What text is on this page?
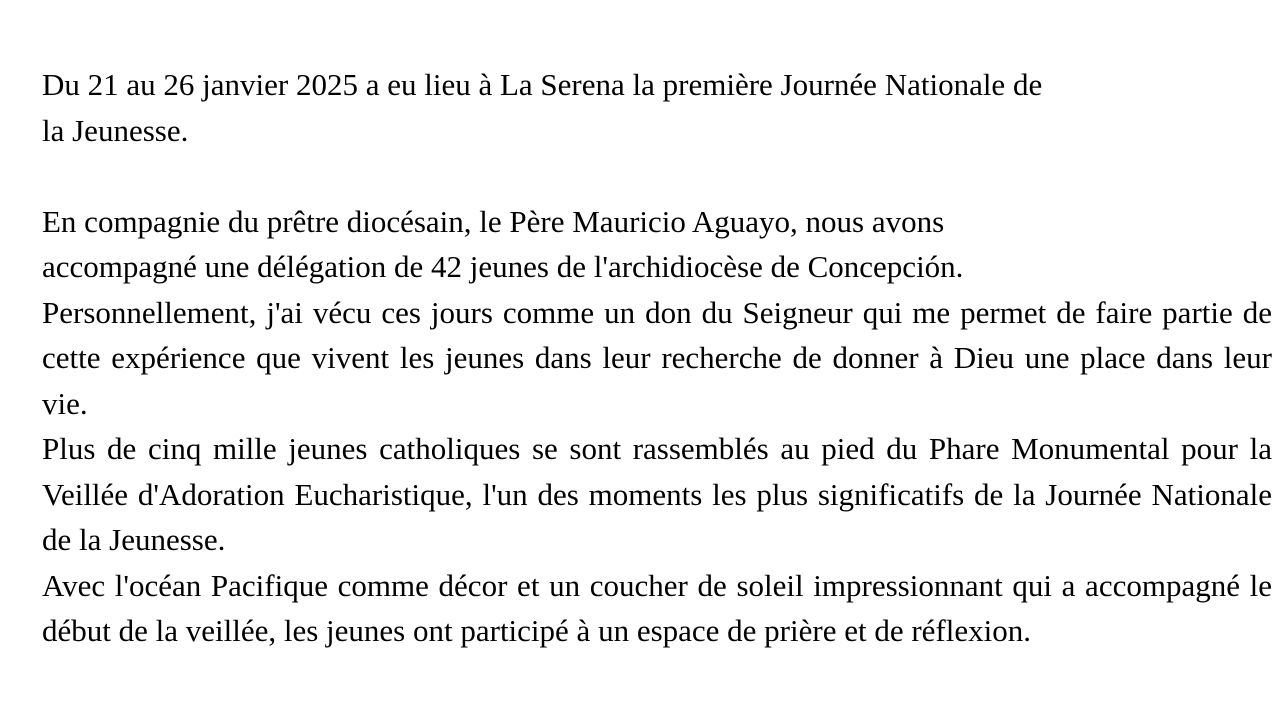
Du 21 au 26 janvier 2025 a eu lieu à La Serena la première Journée Nationale de
la Jeunesse.
En compagnie du prêtre diocésain, le Père Mauricio Aguayo, nous avons
accompagné une délégation de 42 jeunes de l'archidiocèse de Concepción.

Personnellement, j'ai vécu ces jours comme un don du Seigneur qui me permet de faire partie de cette expérience que vivent les jeunes dans leur recherche de donner à Dieu une place dans leur vie.

Plus de cinq mille jeunes catholiques se sont rassemblés au pied du Phare Monumental pour la Veillée d'Adoration Eucharistique, l'un des moments les plus significatifs de la Journée Nationale de la Jeunesse.

Avec l'océan Pacifique comme décor et un coucher de soleil impressionnant qui a accompagné le début de la veillée, les jeunes ont participé à un espace de prière et de réflexion.
